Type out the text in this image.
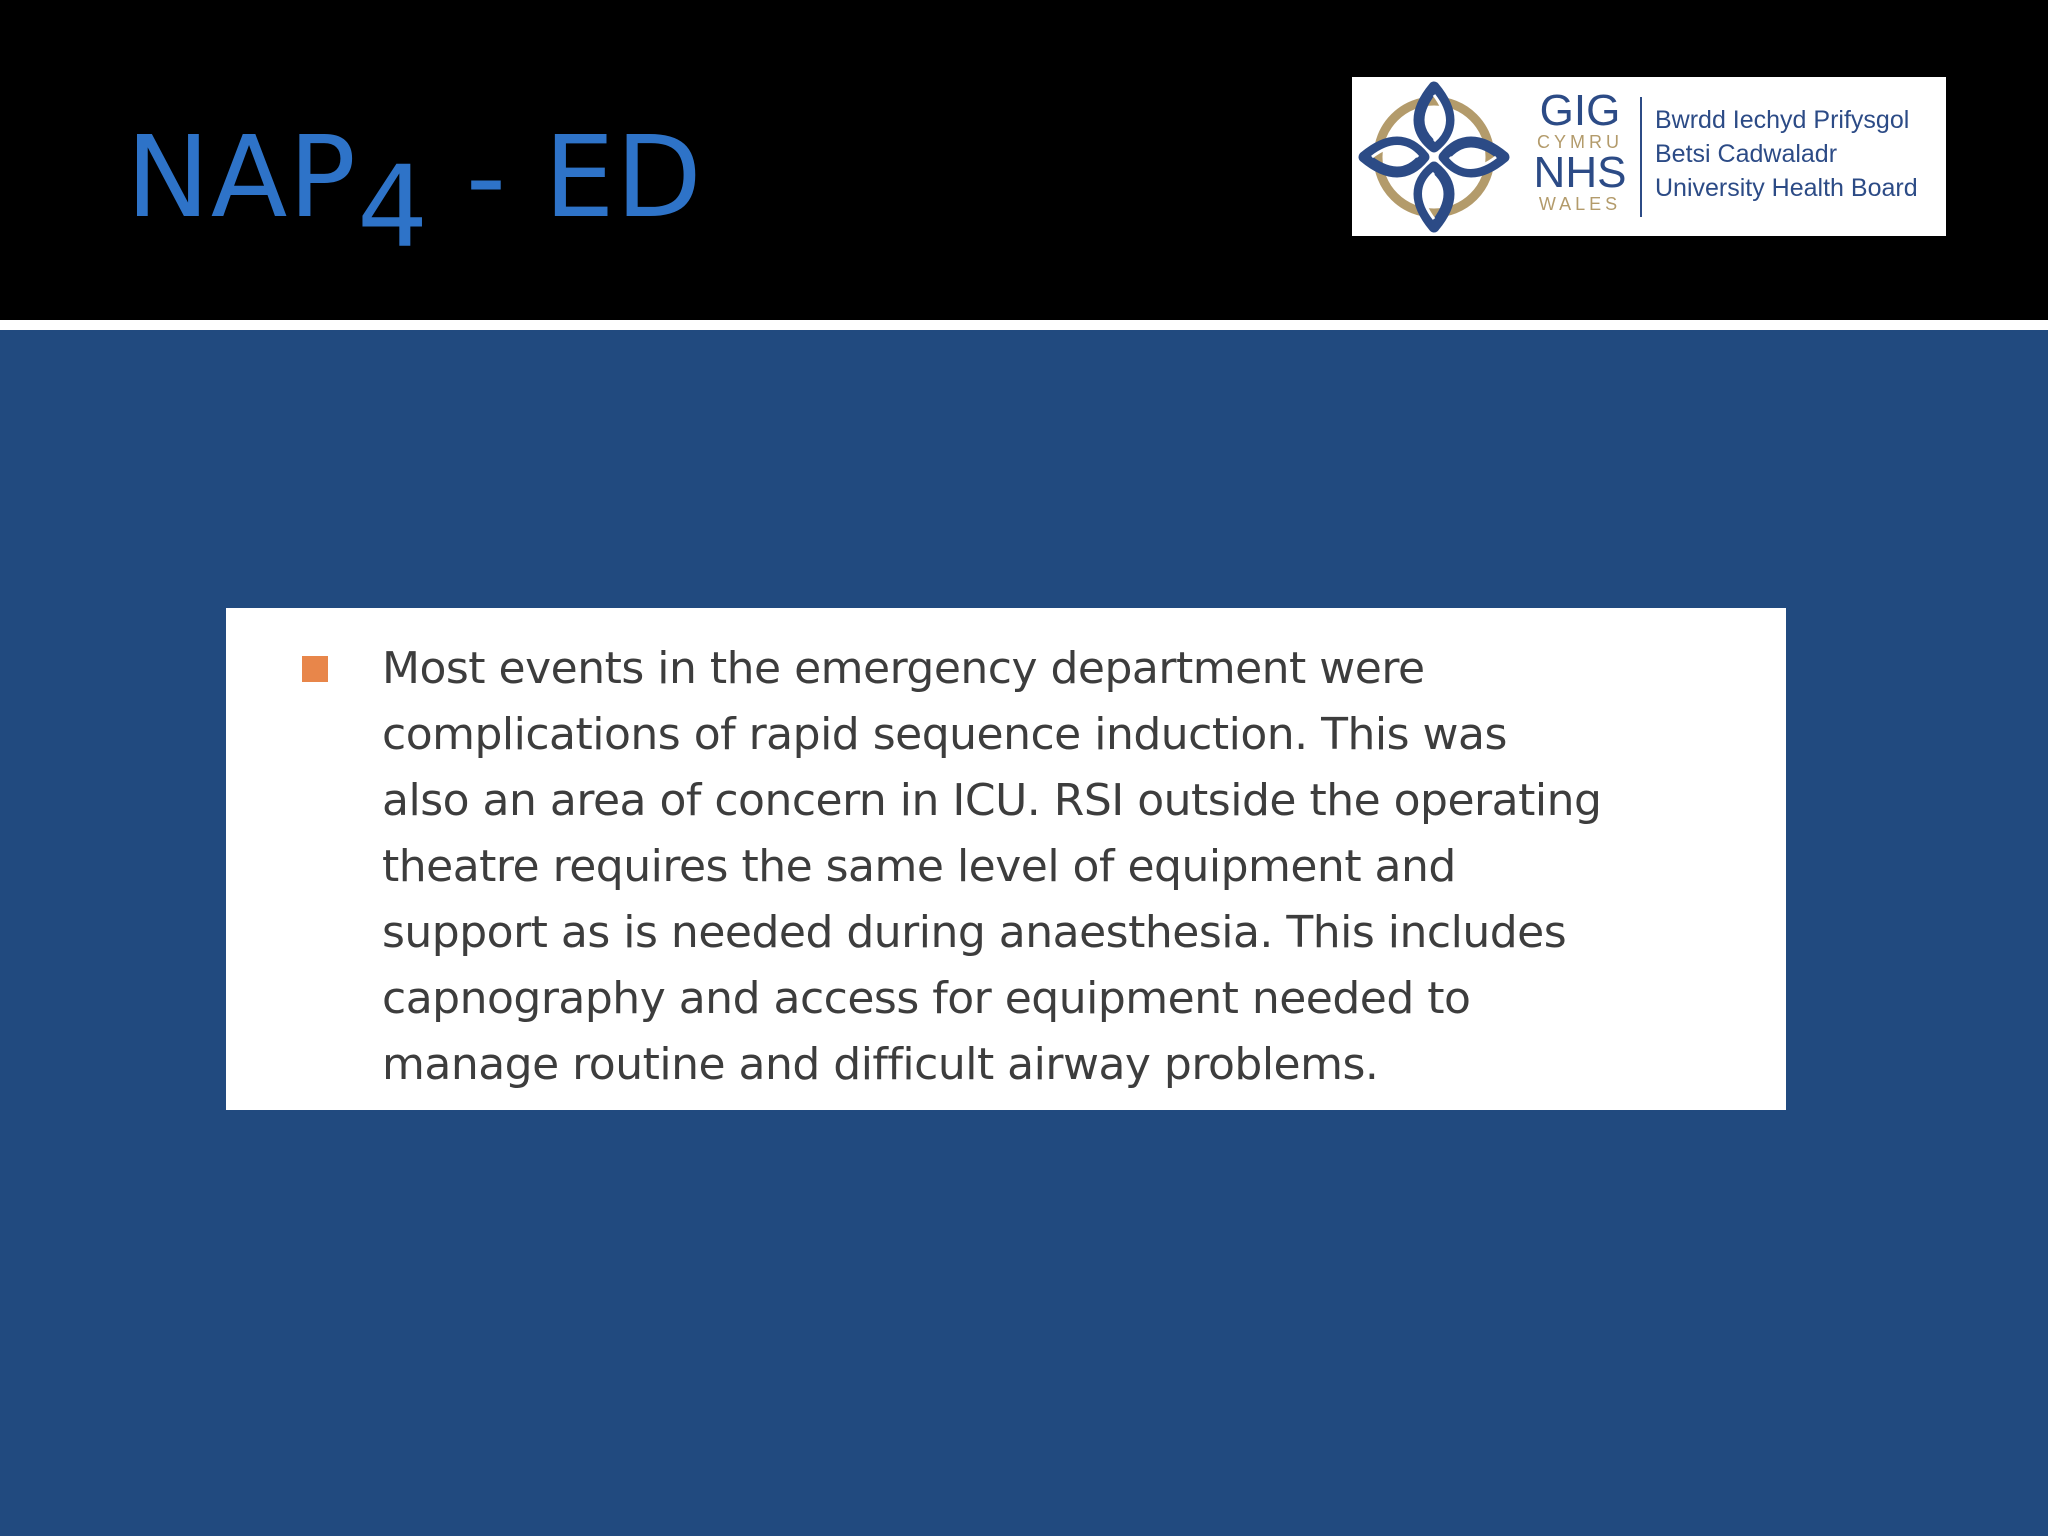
NAP4 - ED
GIG
CYMRU
NHS
WALES
Bwrdd Iechyd Prifysgol
Betsi Cadwaladr
University Health Board
Most events in the emergency department were
complications of rapid sequence induction. This was
also an area of concern in ICU. RSI outside the operating
theatre requires the same level of equipment and
support as is needed during anaesthesia. This includes
capnography and access for equipment needed to
manage routine and difficult airway problems.
